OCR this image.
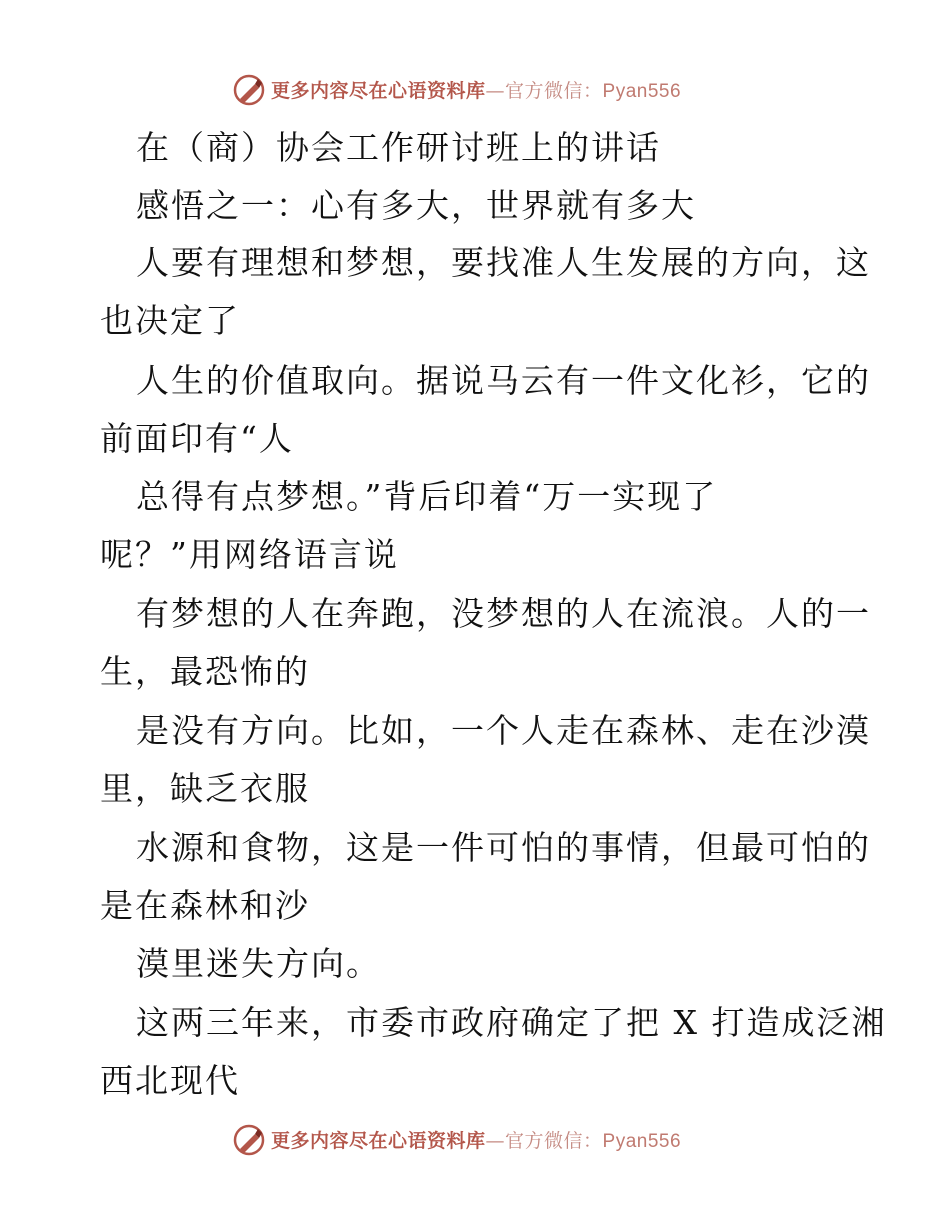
更多内容尽在心语资料库—官方微信：Pyan556
在（商）协会工作研讨班上的讲话
感悟之一：心有多大，世界就有多大
人要有理想和梦想，要找准人生发展的方向，这
也决定了
人生的价值取向。据说马云有一件文化衫，它的
前面印有“人
总得有点梦想。”背后印着“万一实现了
呢？”用网络语言说
有梦想的人在奔跑，没梦想的人在流浪。人的一
生，最恐怖的
是没有方向。比如，一个人走在森林、走在沙漠
里，缺乏衣服
水源和食物，这是一件可怕的事情，但最可怕的
是在森林和沙
漠里迷失方向。
这两三年来，市委市政府确定了把 X 打造成泛湘
西北现代
更多内容尽在心语资料库—官方微信：Pyan556
